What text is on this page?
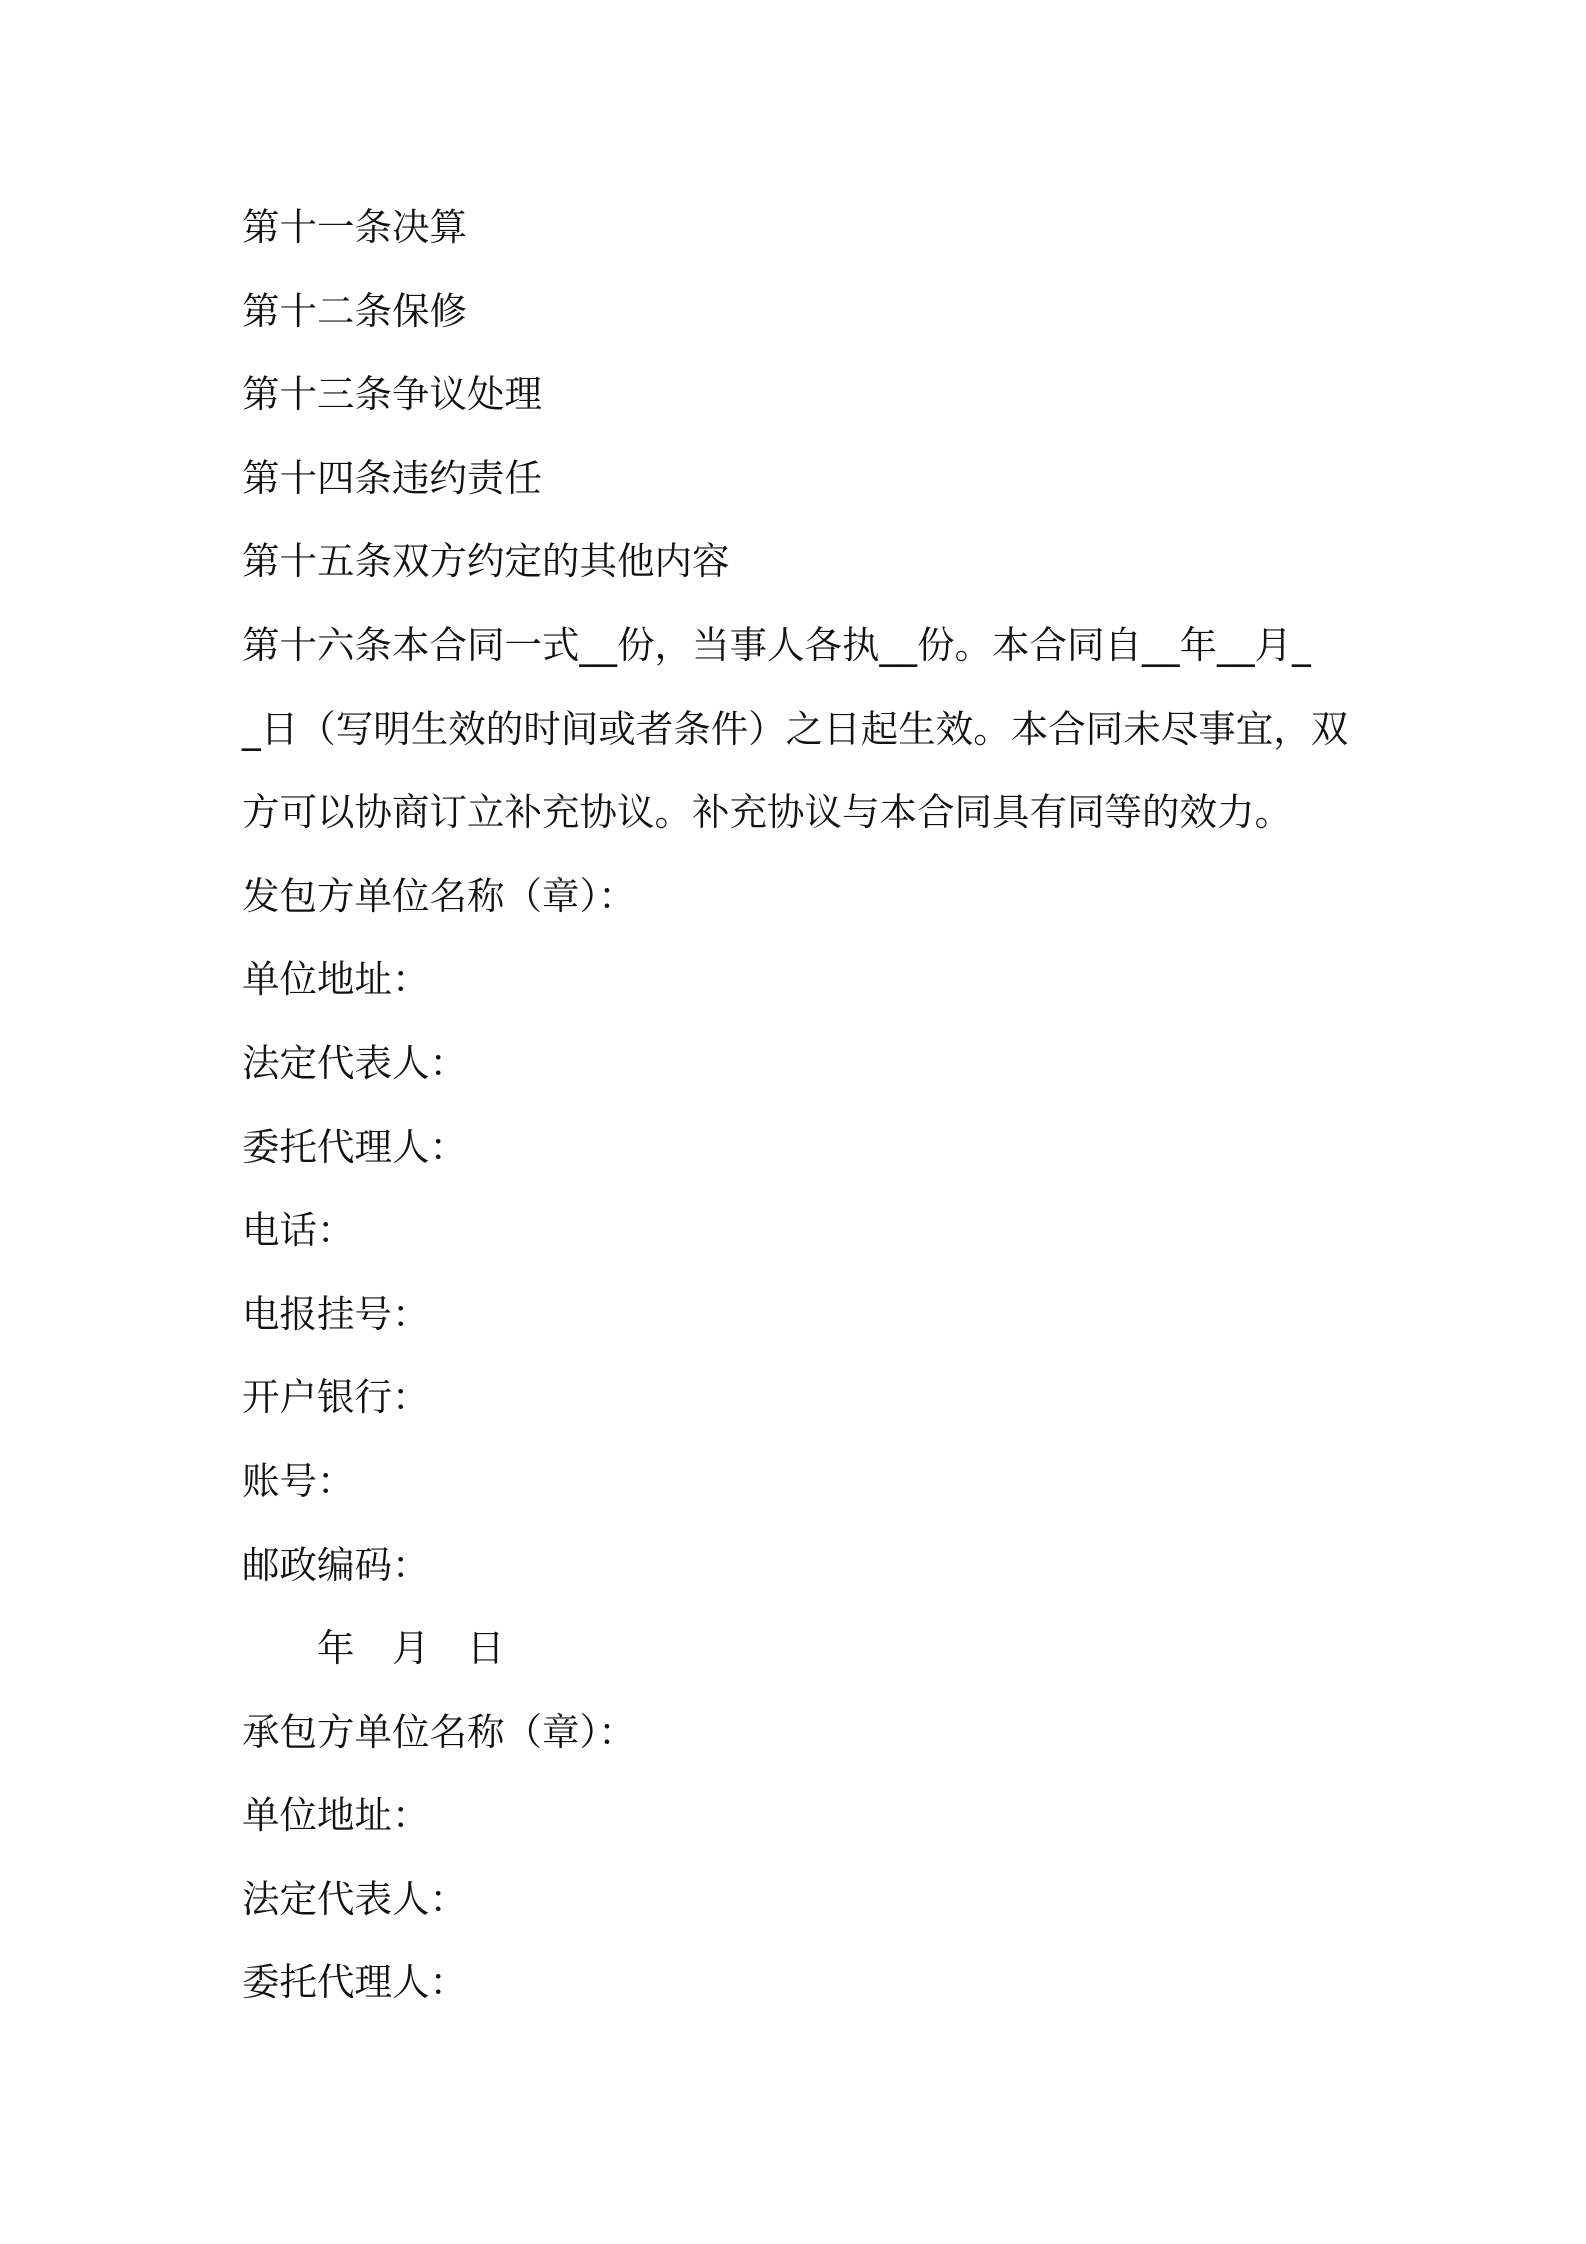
第十一条决算
第十二条保修
第十三条争议处理
第十四条违约责任
第十五条双方约定的其他内容
第十六条本合同一式__份，当事人各执__份。本合同自__年__月_
_日（写明生效的时间或者条件）之日起生效。本合同未尽事宜，双
方可以协商订立补充协议。补充协议与本合同具有同等的效力。
发包方单位名称（章）：
单位地址：
法定代表人：
委托代理人：
电话：
电报挂号：
开户银行：
账号：
邮政编码：
年 月 日
承包方单位名称（章）：
单位地址：
法定代表人：
委托代理人：
